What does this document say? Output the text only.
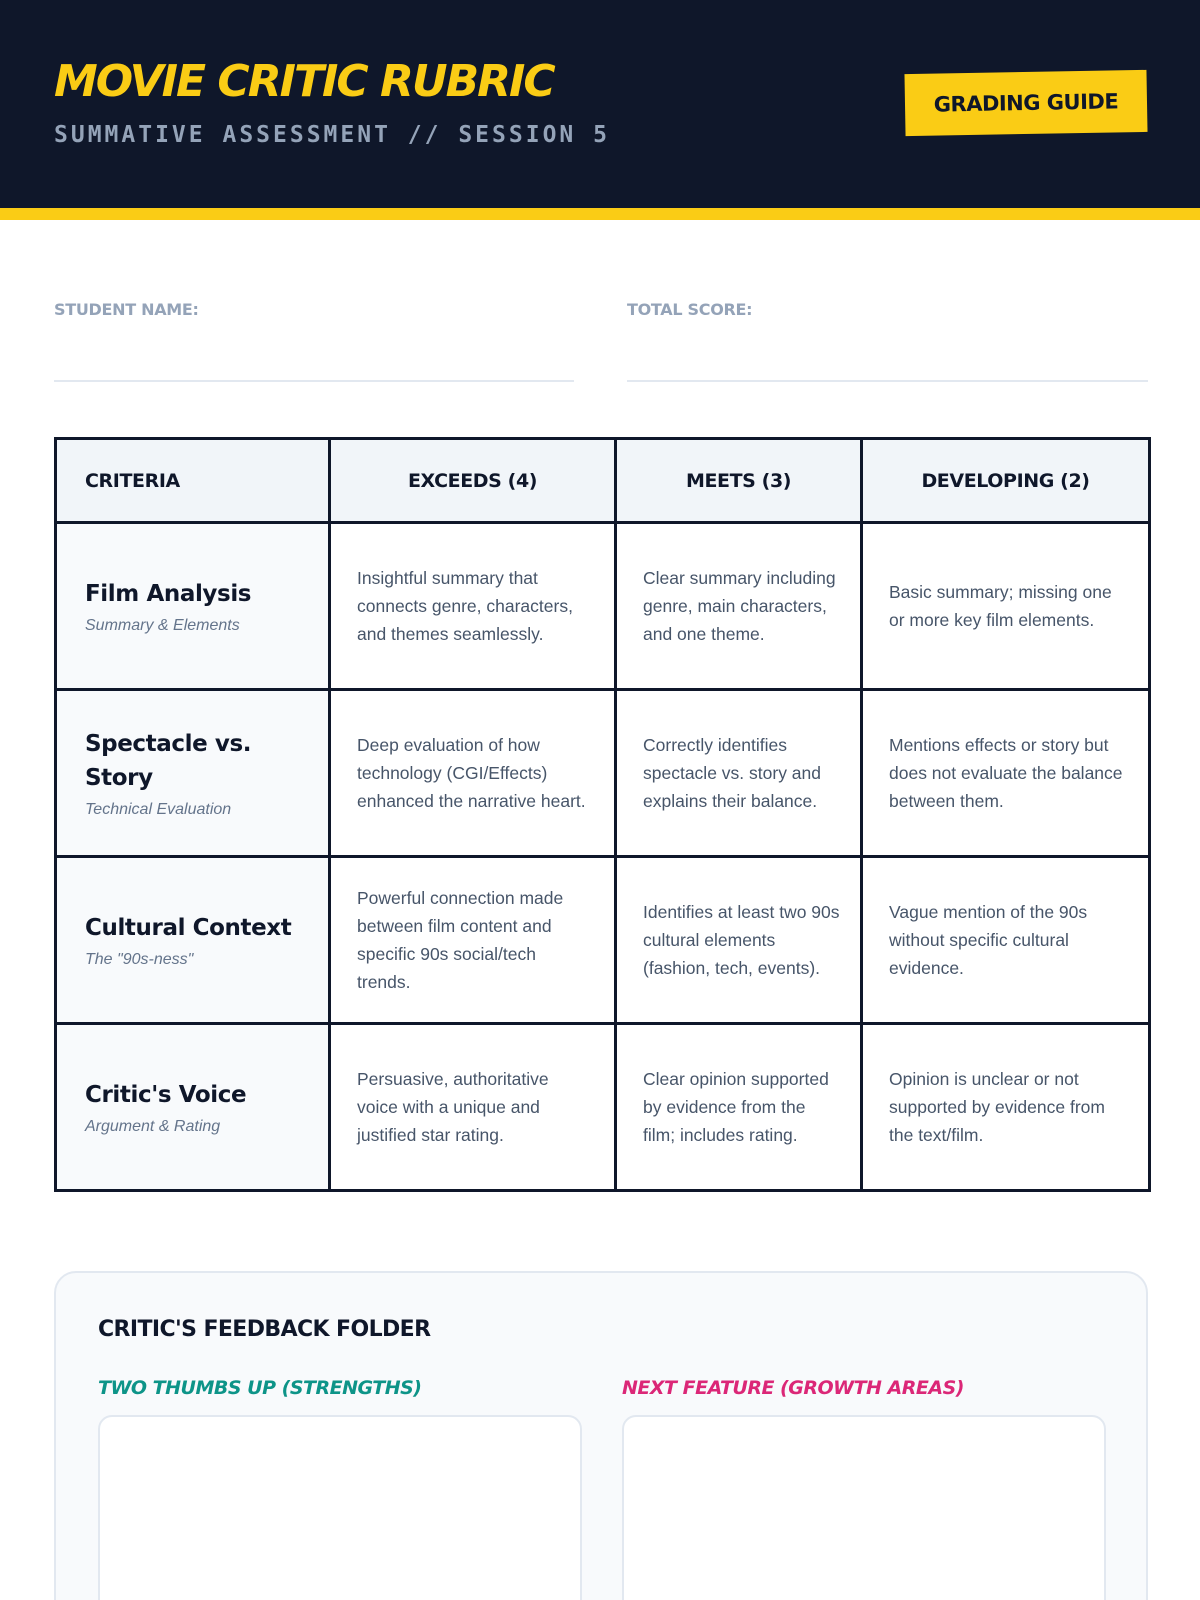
MOVIE CRITIC RUBRIC
SUMMATIVE ASSESSMENT // SESSION 5
GRADING GUIDE
STUDENT NAME:	TOTAL SCORE:
CRITERIA	EXCEEDS (4)	MEETS (3)	DEVELOPING (2)

Film Analysis
Summary & Elements	Insightful summary that connects genre, characters, and themes seamlessly.	Clear summary including genre, main characters, and one theme.	Basic summary; missing one or more key film elements.

Spectacle vs. Story
Technical Evaluation	Deep evaluation of how technology (CGI/Effects) enhanced the narrative heart.	Correctly identifies spectacle vs. story and explains their balance.	Mentions effects or story but does not evaluate the balance between them.

Cultural Context
The "90s-ness"	Powerful connection made between film content and specific 90s social/tech trends.	Identifies at least two 90s cultural elements (fashion, tech, events).	Vague mention of the 90s without specific cultural evidence.

Critic's Voice
Argument & Rating	Persuasive, authoritative voice with a unique and justified star rating.	Clear opinion supported by evidence from the film; includes rating.	Opinion is unclear or not supported by evidence from the text/film.
CRITIC'S FEEDBACK FOLDER
TWO THUMBS UP (STRENGTHS)	NEXT FEATURE (GROWTH AREAS)
